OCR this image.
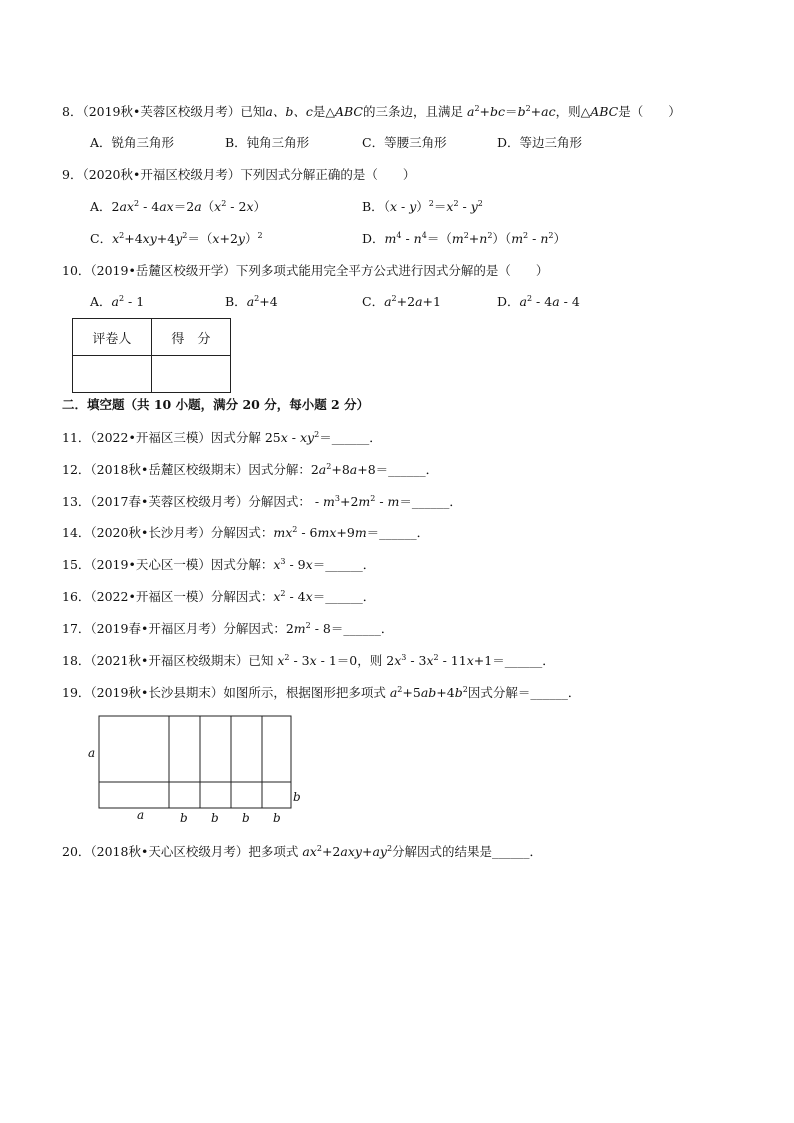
8．（2019秋•芙蓉区校级月考）已知a、b、c是△ABC的三条边，且满足 $a^2+bc=b^2+ac$，则△ABC是（　　）
A．锐角三角形	B．钝角三角形	C．等腰三角形	D．等边三角形
9．（2020秋•开福区校级月考）下列因式分解正确的是（　　）
A．$2ax^2 - 4ax=2a(x^2 - 2x)$	B．$(x - y)^2=x^2 - y^2$
C．$x^2+4xy+4y^2=(x+2y)^2$	D．$m^4 - n^4=(m^2+n^2)(m^2 - n^2)$
10．（2019•岳麓区校级开学）下列多项式能用完全平方公式进行因式分解的是（　　）
A．$a^2 - 1$	B．$a^2+4$	C．$a^2+2a+1$	D．$a^2 - 4a - 4$
评卷人	得　分

二．填空题（共 10 小题，满分 20 分，每小题 2 分）
11．（2022•开福区三模）因式分解 $25x - xy^2=\_\_\_\_\_\_$．
12．（2018秋•岳麓区校级期末）因式分解：$2a^2+8a+8=\_\_\_\_\_\_$．
13．（2017春•芙蓉区校级月考）分解因式： - $m^3+2m^2$ - m＝______．
14．（2020秋•长沙月考）分解因式：$mx^2$ - 6mx+9m＝______．
15．（2019•天心区一模）因式分解：$x^3$ - 9x＝______．
16．（2022•开福区一模）分解因式：$x^2$ - 4x＝______．
17．（2019春•开福区月考）分解因式：$2m^2$ - 8＝______．
18．（2021秋•开福区校级期末）已知 $x^2 - 3x - 1=0$，则 $2x^3 - 3x^2$ - 11x+1＝______．
19．（2019秋•长沙县期末）如图所示，根据图形把多项式 $a^2+5ab+4b^2$因式分解＝______．
a
a
b
b b b b
20．（2018秋•天心区校级月考）把多项式 $ax^2+2axy+ay^2$分解因式的结果是______．
